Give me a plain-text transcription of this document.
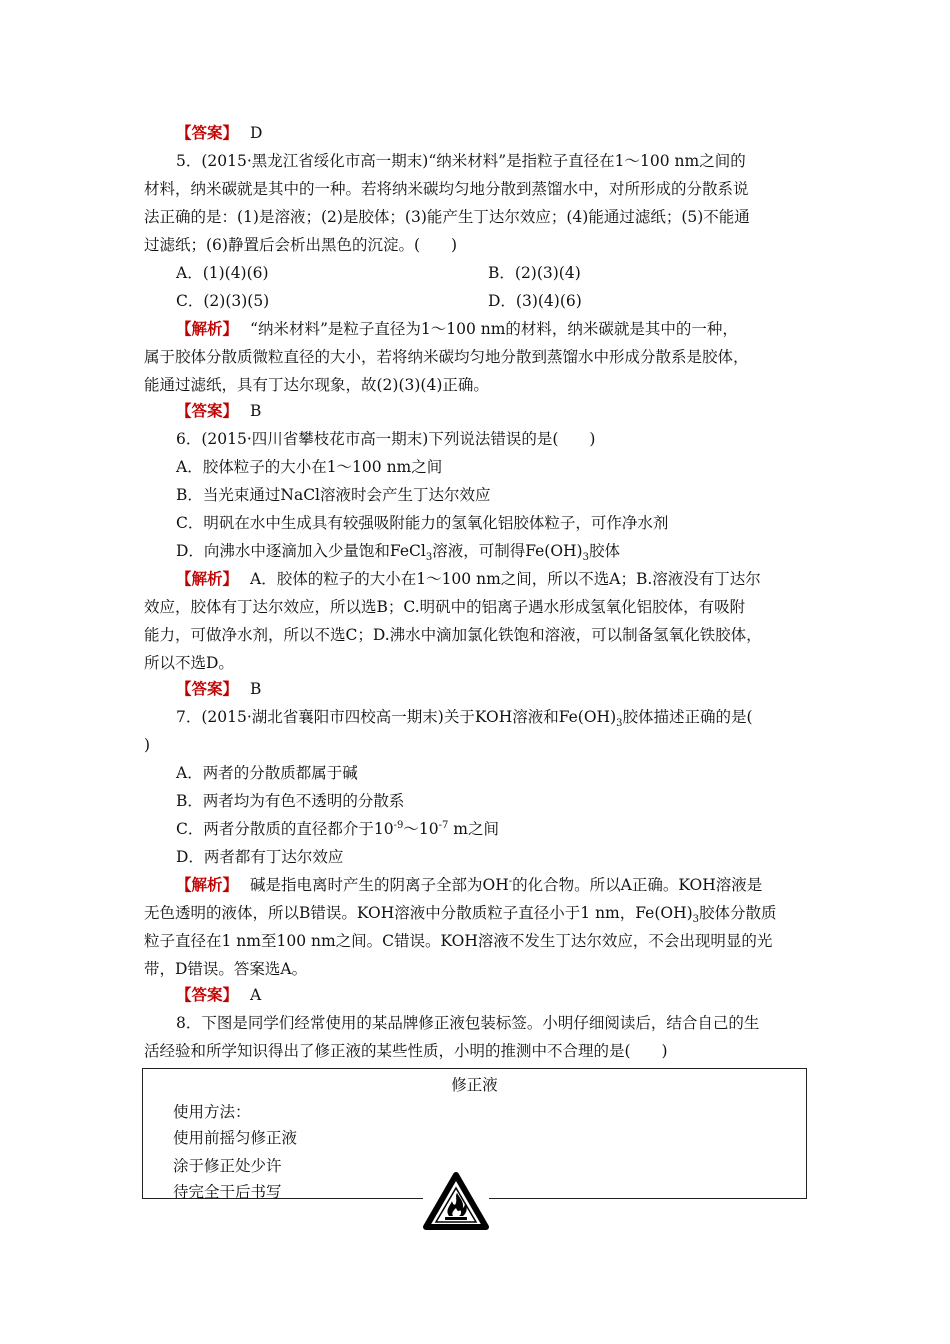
【答案】 D
5．(2015·黑龙江省绥化市高一期末)“纳米材料”是指粒子直径在1～100 nm之间的
材料，纳米碳就是其中的一种。若将纳米碳均匀地分散到蒸馏水中，对所形成的分散系说
法正确的是：(1)是溶液；(2)是胶体；(3)能产生丁达尔效应；(4)能通过滤纸；(5)不能通
过滤纸；(6)静置后会析出黑色的沉淀。(　　)
A．(1)(4)(6)	B．(2)(3)(4)
C．(2)(3)(5)	D．(3)(4)(6)
【解析】 “纳米材料”是粒子直径为1～100 nm的材料，纳米碳就是其中的一种，
属于胶体分散质微粒直径的大小，若将纳米碳均匀地分散到蒸馏水中形成分散系是胶体，
能通过滤纸，具有丁达尔现象，故(2)(3)(4)正确。
【答案】 B
6．(2015·四川省攀枝花市高一期末)下列说法错误的是(　　)
A．胶体粒子的大小在1～100 nm之间
B．当光束通过NaCl溶液时会产生丁达尔效应
C．明矾在水中生成具有较强吸附能力的氢氧化铝胶体粒子，可作净水剂
D．向沸水中逐滴加入少量饱和FeCl$_3$溶液，可制得$Fe(OH)_3$胶体
【解析】 A．胶体的粒子的大小在1～100 nm之间，所以不选A；B.溶液没有丁达尔
效应，胶体有丁达尔效应，所以选B；C.明矾中的铝离子遇水形成氢氧化铝胶体，有吸附
能力，可做净水剂，所以不选C；D.沸水中滴加氯化铁饱和溶液，可以制备氢氧化铁胶体，
所以不选D。
【答案】 B
7．(2015·湖北省襄阳市四校高一期末)关于KOH溶液和$Fe(OH)_3$胶体描述正确的是(
)
A．两者的分散质都属于碱
B．两者均为有色不透明的分散系
C．两者分散质的直径都介于$10^{-9}\sim 10^{-7}$ m之间
D．两者都有丁达尔效应
【解析】 碱是指电离时产生的阴离子全部为OH-的化合物。所以A正确。KOH溶液是
无色透明的液体，所以B错误。KOH溶液中分散质粒子直径小于1 nm，$Fe(OH)_3$胶体分散质
粒子直径在1 nm至100 nm之间。C错误。KOH溶液不发生丁达尔效应，不会出现明显的光
带，D错误。答案选A。
【答案】 A
8．下图是同学们经常使用的某品牌修正液包装标签。小明仔细阅读后，结合自己的生
活经验和所学知识得出了修正液的某些性质，小明的推测中不合理的是(　　)
修正液
使用方法：
使用前摇匀修正液
涂于修正处少许
待完全干后书写
